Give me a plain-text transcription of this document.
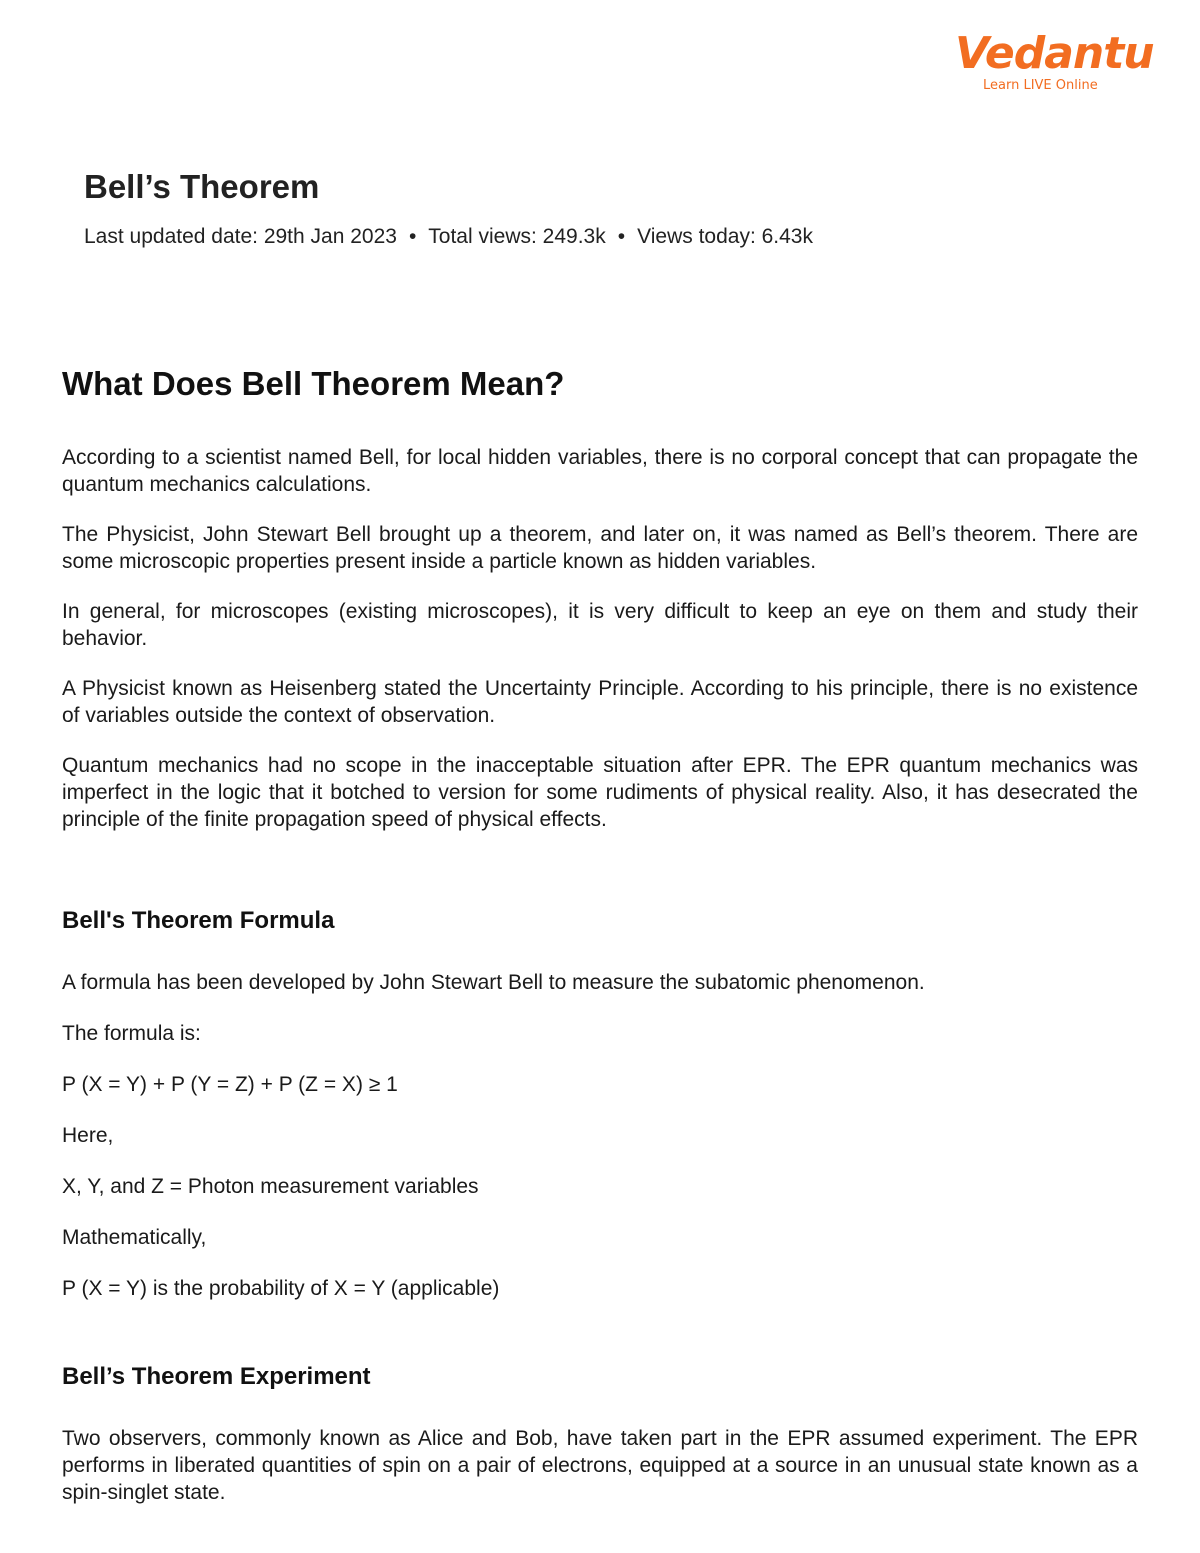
Vedantu
Learn LIVE Online
Bell’s Theorem
Last updated date: 29th Jan 2023 • Total views: 249.3k • Views today: 6.43k
What Does Bell Theorem Mean?

According to a scientist named Bell, for local hidden variables, there is no corporal concept that can propagate the quantum mechanics calculations.

The Physicist, John Stewart Bell brought up a theorem, and later on, it was named as Bell’s theorem. There are some microscopic properties present inside a particle known as hidden variables.

In general, for microscopes (existing microscopes), it is very difficult to keep an eye on them and study their behavior.

A Physicist known as Heisenberg stated the Uncertainty Principle. According to his principle, there is no existence of variables outside the context of observation.

Quantum mechanics had no scope in the inacceptable situation after EPR. The EPR quantum mechanics was imperfect in the logic that it botched to version for some rudiments of physical reality. Also, it has desecrated the principle of the finite propagation speed of physical effects.

Bell's Theorem Formula

A formula has been developed by John Stewart Bell to measure the subatomic phenomenon.

The formula is:

P (X = Y) + P (Y = Z) + P (Z = X) ≥ 1

Here,

X, Y, and Z = Photon measurement variables

Mathematically,

P (X = Y) is the probability of X = Y (applicable)

Bell’s Theorem Experiment

Two observers, commonly known as Alice and Bob, have taken part in the EPR assumed experiment. The EPR performs in liberated quantities of spin on a pair of electrons, equipped at a source in an unusual state known as a spin-singlet state.
